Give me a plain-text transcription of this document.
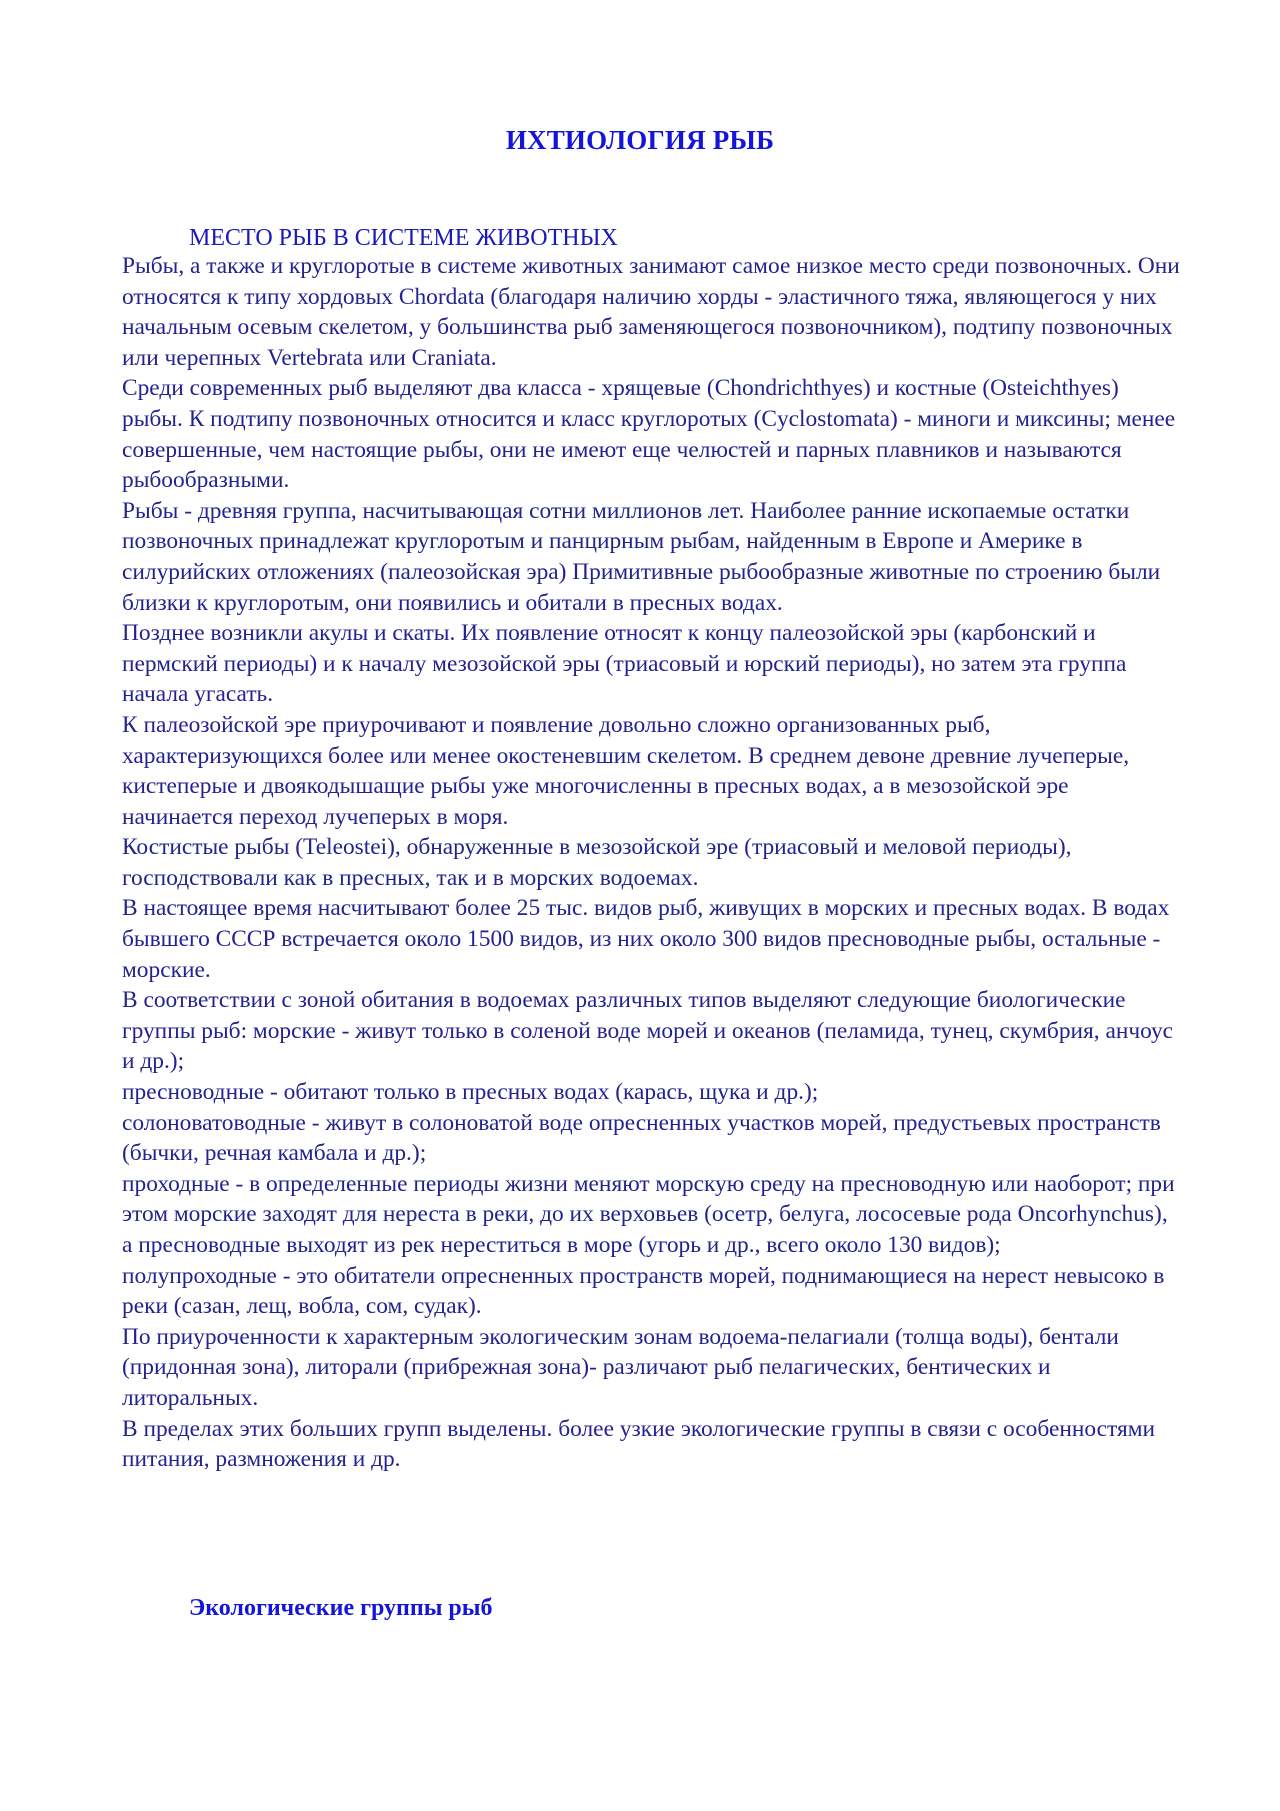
ИХТИОЛОГИЯ РЫБ
МЕСТО РЫБ В СИСТЕМЕ ЖИВОТНЫХ

Рыбы, а также и круглоротые в системе животных занимают самое низкое место среди позвоночных. Они относятся к типу хордовых Chordata (благодаря наличию хорды - эластичного тяжа, являющегося у них начальным осевым скелетом, у большинства рыб заменяющегося позвоночником), подтипу позвоночных или черепных Vertebrata или Craniata.

Среди современных рыб выделяют два класса - хрящевые (Chondrichthyes) и костные (Osteichthyes) рыбы. К подтипу позвоночных относится и класс круглоротых (Cyclostomata) - миноги и миксины; менее совершенные, чем настоящие рыбы, они не имеют еще челюстей и парных плавников и называются рыбообразными.

Рыбы - древняя группа, насчитывающая сотни миллионов лет. Наиболее ранние ископаемые остатки позвоночных принадлежат круглоротым и панцирным рыбам, найденным в Европе и Америке в силурийских отложениях (палеозойская эра) Примитивные рыбообразные животные по строению были близки к круглоротым, они появились и обитали в пресных водах.

Позднее возникли акулы и скаты. Их появление относят к концу палеозойской эры (карбонский и пермский периоды) и к началу мезозойской эры (триасовый и юрский периоды), но затем эта группа начала угасать.

К палеозойской эре приурочивают и появление довольно сложно организованных рыб, характеризующихся более или менее окостеневшим скелетом. В среднем девоне древние лучеперые, кистеперые и двоякодышащие рыбы уже многочисленны в пресных водах, а в мезозойской эре начинается переход лучеперых в моря.

Костистые рыбы (Teleostei), обнаруженные в мезозойской эре (триасовый и меловой периоды), господствовали как в пресных, так и в морских водоемах.

В настоящее время насчитывают более 25 тыс. видов рыб, живущих в морских и пресных водах. В водах бывшего СССР встречается около 1500 видов, из них около 300 видов пресноводные рыбы, остальные - морские.

В соответствии с зоной обитания в водоемах различных типов выделяют следующие биологические группы рыб: морские - живут только в соленой воде морей и океанов (пеламида, тунец, скумбрия, анчоус и др.);

пресноводные - обитают только в пресных водах (карась, щука и др.);

солоноватоводные - живут в солоноватой воде опресненных участков морей, предустьевых пространств (бычки, речная камбала и др.);

проходные - в определенные периоды жизни меняют морскую среду на пресноводную или наоборот; при этом морские заходят для нереста в реки, до их верховьев (осетр, белуга, лососевые рода Oncorhynchus), а пресноводные выходят из рек нереститься в море (угорь и др., всего около 130 видов);

полупроходные - это обитатели опресненных пространств морей, поднимающиеся на нерест невысоко в реки (сазан, лещ, вобла, сом, судак).

По приуроченности к характерным экологическим зонам водоема-пелагиали (толща воды), бентали (придонная зона), литорали (прибрежная зона)- различают рыб пелагических, бентических и литоральных.

В пределах этих больших групп выделены. более узкие экологические группы в связи с особенностями питания, размножения и др.

Экологические группы рыб
